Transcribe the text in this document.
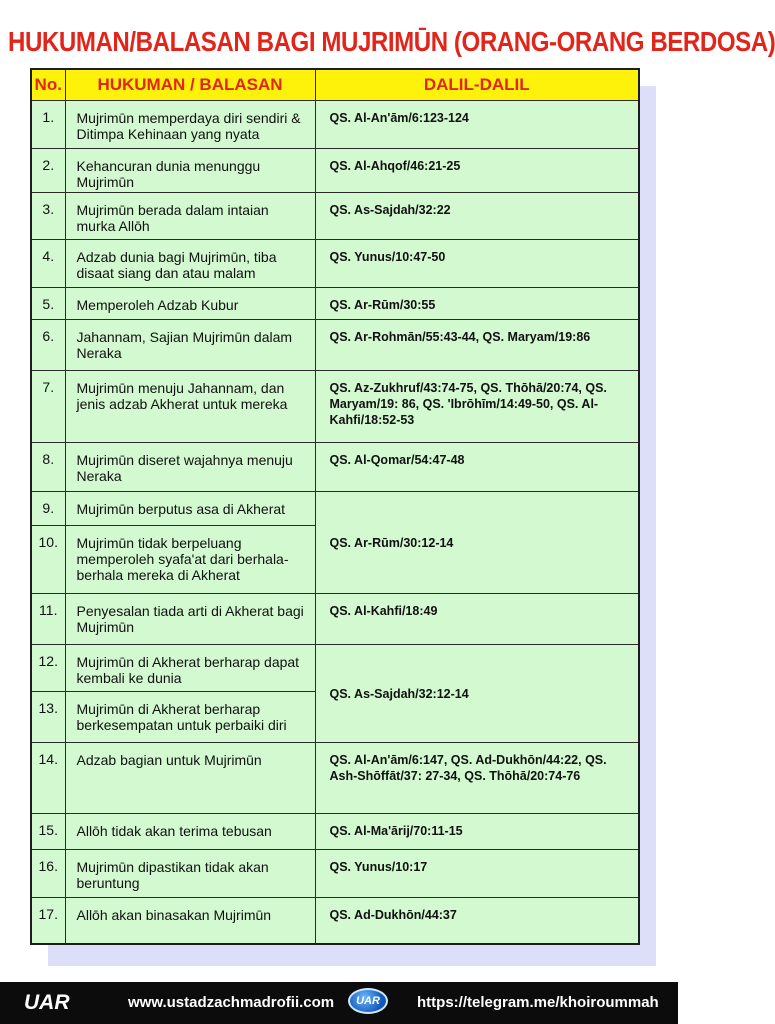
HUKUMAN/BALASAN BAGI MUJRIMŪN (ORANG-ORANG BERDOSA)
No.	HUKUMAN / BALASAN	DALIL-DALIL
1.	Mujrimūn memperdaya diri sendiri & Ditimpa Kehinaan yang nyata	QS. Al-An'ām/6:123-124
2.	Kehancuran dunia menunggu Mujrimūn	QS. Al-Ahqof/46:21-25
3.	Mujrimūn berada dalam intaian murka Allōh	QS. As-Sajdah/32:22
4.	Adzab dunia bagi Mujrimūn, tiba disaat siang dan atau malam	QS. Yunus/10:47-50
5.	Memperoleh Adzab Kubur	QS. Ar-Rūm/30:55
6.	Jahannam, Sajian Mujrimūn dalam Neraka	QS. Ar-Rohmān/55:43-44, QS. Maryam/19:86
7.	Mujrimūn menuju Jahannam, dan jenis adzab Akherat untuk mereka	QS. Az-Zukhruf/43:74-75, QS. Thōhā/20:74, QS. Maryam/19: 86, QS. 'Ibrōhīm/14:49-50, QS. Al-Kahfi/18:52-53
8.	Mujrimūn diseret wajahnya menuju Neraka	QS. Al-Qomar/54:47-48
9.	Mujrimūn berputus asa di Akherat	QS. Ar-Rūm/30:12-14
10.	Mujrimūn tidak berpeluang memperoleh syafa'at dari berhala-berhala mereka di Akherat	
11.	Penyesalan tiada arti di Akherat bagi Mujrimūn	QS. Al-Kahfi/18:49
12.	Mujrimūn di Akherat berharap dapat kembali ke dunia	QS. As-Sajdah/32:12-14
13.	Mujrimūn di Akherat berharap berkesempatan untuk perbaiki diri	
14.	Adzab bagian untuk Mujrimūn	QS. Al-An'ām/6:147, QS. Ad-Dukhōn/44:22, QS. Ash-Shōffāt/37: 27-34, QS. Thōhā/20:74-76
15.	Allōh tidak akan terima tebusan	QS. Al-Ma'ārij/70:11-15
16.	Mujrimūn dipastikan tidak akan beruntung	QS. Yunus/10:17
17.	Allōh akan binasakan Mujrimūn	QS. Ad-Dukhōn/44:37
UAR	www.ustadzachmadrofii.com	UAR	https://telegram.me/khoiroummah
